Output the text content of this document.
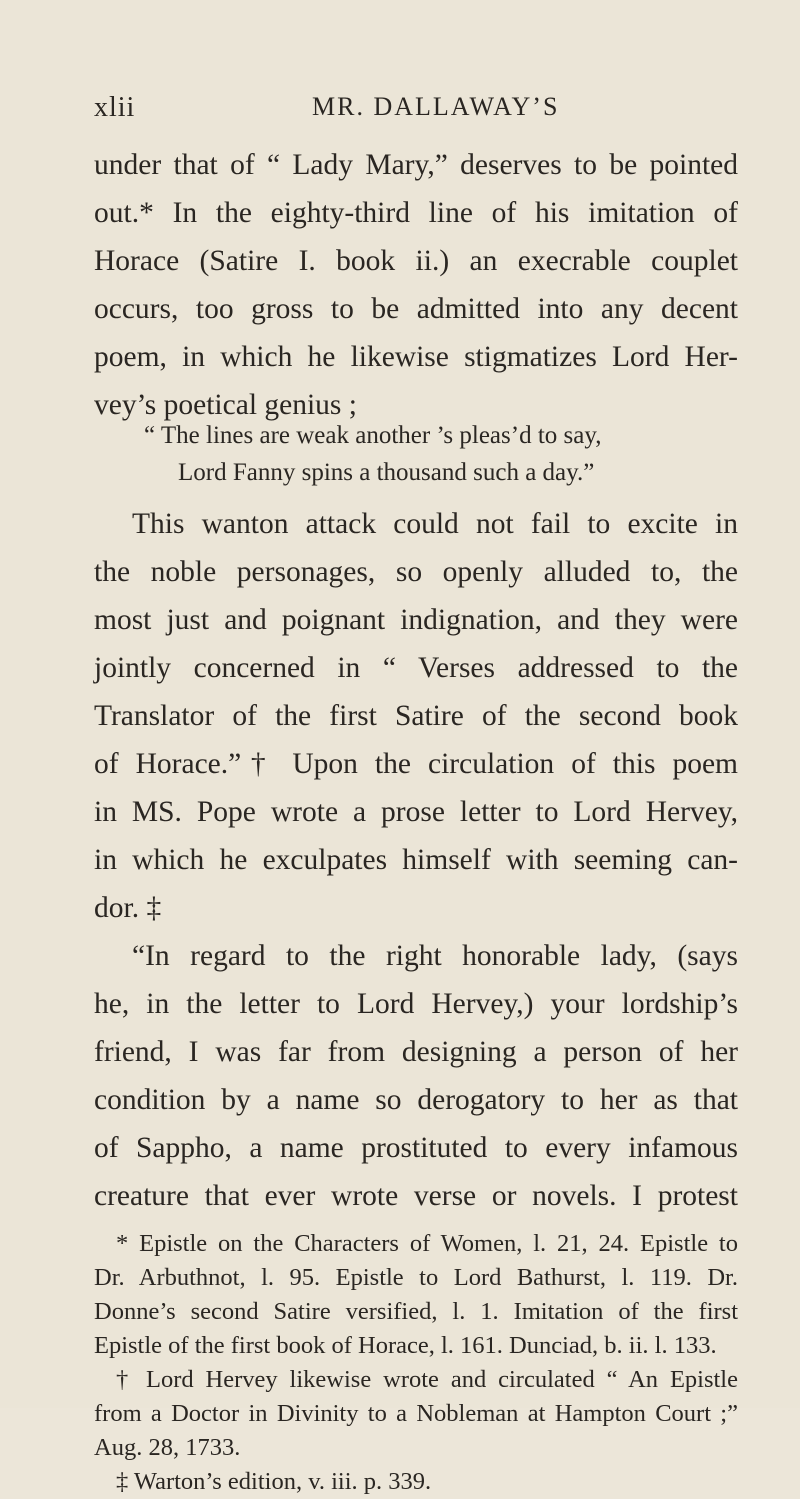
xlii	MR. DALLAWAY’S
under that of “ Lady Mary,” deserves to be pointed
out.* In the eighty-third line of his imitation of
Horace (Satire I. book ii.) an execrable couplet
occurs, too gross to be admitted into any decent
poem, in which he likewise stigmatizes Lord Her-
vey’s poetical genius ;
“ The lines are weak another ’s pleas’d to say,
Lord Fanny spins a thousand such a day.”
This wanton attack could not fail to excite in
the noble personages, so openly alluded to, the
most just and poignant indignation, and they were
jointly concerned in “ Verses addressed to the
Translator of the first Satire of the second book
of Horace.”† Upon the circulation of this poem
in MS. Pope wrote a prose letter to Lord Hervey,
in which he exculpates himself with seeming can-
dor. ‡
“In regard to the right honorable lady, (says
he, in the letter to Lord Hervey,) your lordship’s
friend, I was far from designing a person of her
condition by a name so derogatory to her as that
of Sappho, a name prostituted to every infamous
creature that ever wrote verse or novels. I protest
* Epistle on the Characters of Women, l. 21, 24. Epistle to
Dr. Arbuthnot, l. 95. Epistle to Lord Bathurst, l. 119. Dr.
Donne’s second Satire versified, l. 1. Imitation of the first
Epistle of the first book of Horace, l. 161. Dunciad, b. ii. l. 133.
† Lord Hervey likewise wrote and circulated “ An Epistle
from a Doctor in Divinity to a Nobleman at Hampton Court ;”
Aug. 28, 1733.
‡ Warton’s edition, v. iii. p. 339.
